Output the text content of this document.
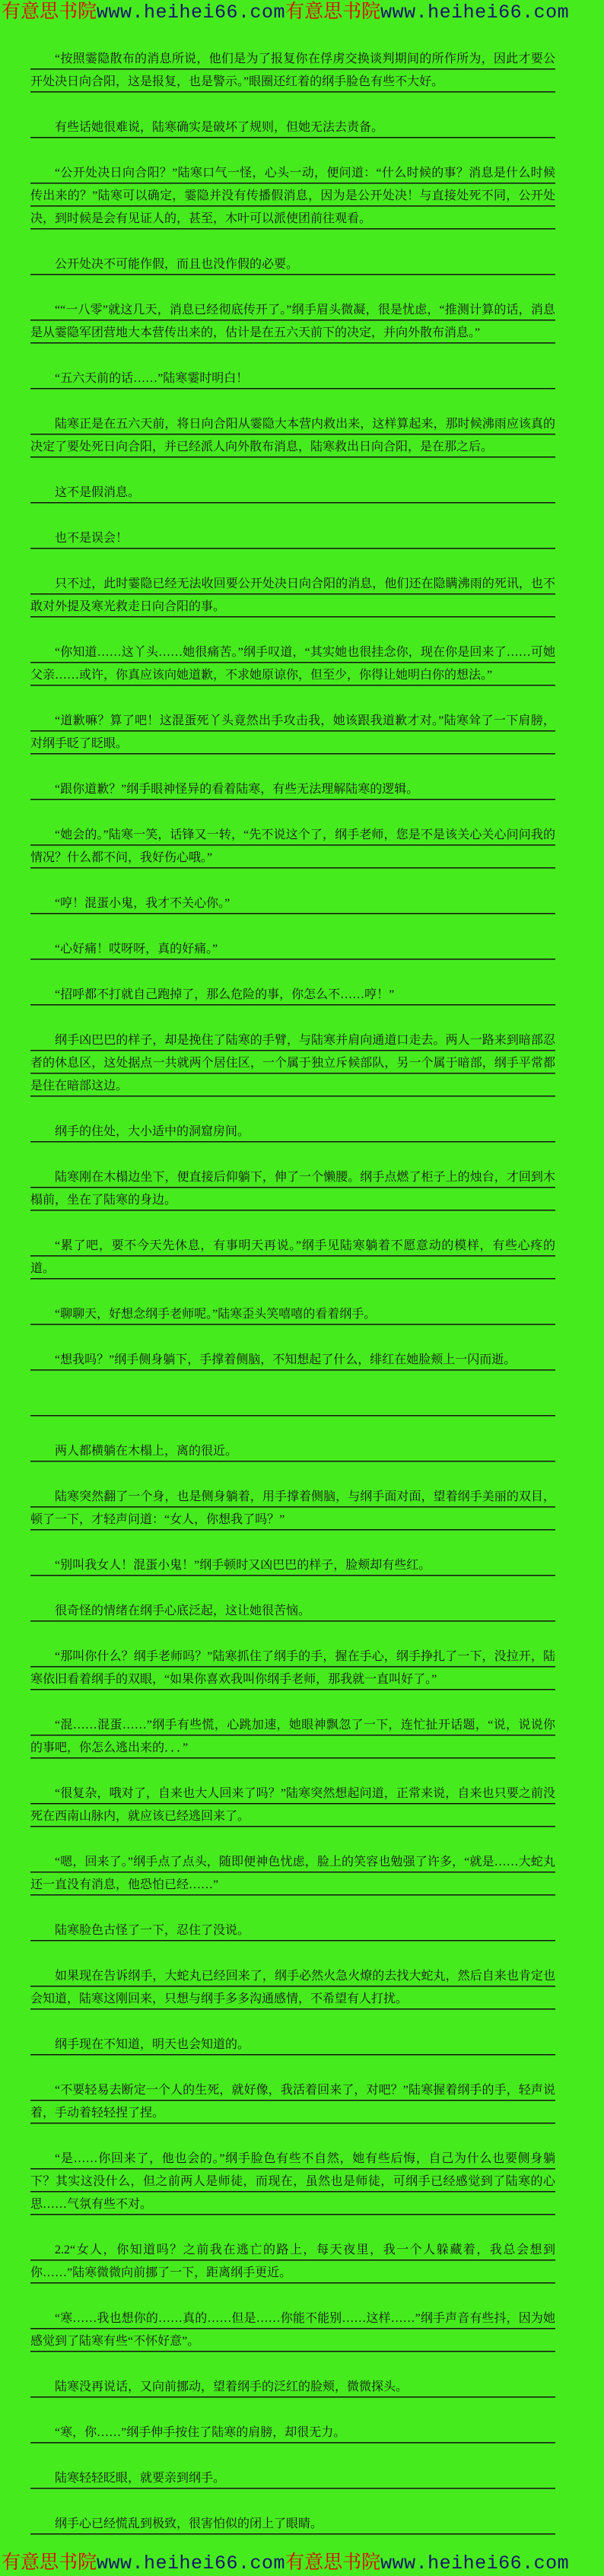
有意思书院www.heihei66.com有意思书院www.heihei66.com

“按照霎隐散布的消息所说，他们是为了报复你在俘虏交换谈判期间的所作所为，因此才要公开处决日向合阳，这是报复，也是警示。”眼圈还红着的纲手脸色有些不大好。

有些话她很难说，陆寒确实是破坏了规则，但她无法去责备。

“公开处决日向合阳？”陆寒口气一怪，心头一动，便问道：“什么时候的事？消息是什么时候传出来的？”陆寒可以确定，霎隐并没有传播假消息，因为是公开处决！与直接处死不同，公开处决，到时候是会有见证人的，甚至，木叶可以派使团前往观看。

公开处决不可能作假，而且也没作假的必要。

““一八零”就这几天，消息已经彻底传开了。”纲手眉头微凝，很是忧虑，“推测计算的话，消息是从霎隐军团营地大本营传出来的，估计是在五六天前下的决定，并向外散布消息。”

“五六天前的话……”陆寒霎时明白！

陆寒正是在五六天前，将日向合阳从霎隐大本营内救出来，这样算起来，那时候沸雨应该真的决定了要处死日向合阳，并已经派人向外散布消息，陆寒救出日向合阳，是在那之后。

这不是假消息。

也不是误会！

只不过，此时霎隐已经无法收回要公开处决日向合阳的消息，他们还在隐瞒沸雨的死讯，也不敢对外提及寒光救走日向合阳的事。

“你知道……这丫头……她很痛苦。”纲手叹道，“其实她也很挂念你，现在你是回来了……可她父亲……或许，你真应该向她道歉，不求她原谅你，但至少，你得让她明白你的想法。”

“道歉嘛？算了吧！这混蛋死丫头竟然出手攻击我，她该跟我道歉才对。”陆寒耸了一下肩膀，对纲手眨了眨眼。

“跟你道歉？”纲手眼神怪异的看着陆寒，有些无法理解陆寒的逻辑。

“她会的。”陆寒一笑，话锋又一转，“先不说这个了，纲手老师，您是不是该关心关心问问我的情况？什么都不问，我好伤心哦。”

“哼！混蛋小鬼，我才不关心你。”

“心好痛！哎呀呀，真的好痛。”

“招呼都不打就自己跑掉了，那么危险的事，你怎么不……哼！”

纲手凶巴巴的样子，却是挽住了陆寒的手臂，与陆寒并肩向通道口走去。两人一路来到暗部忍者的休息区，这处据点一共就两个居住区，一个属于独立斥候部队，另一个属于暗部，纲手平常都是住在暗部这边。

纲手的住处，大小适中的洞窟房间。

陆寒刚在木榻边坐下，便直接后仰躺下，伸了一个懒腰。纲手点燃了柜子上的烛台，才回到木榻前，坐在了陆寒的身边。

“累了吧，要不今天先休息，有事明天再说。”纲手见陆寒躺着不愿意动的模样，有些心疼的道。

“聊聊天，好想念纲手老师呢。”陆寒歪头笑嘻嘻的看着纲手。

“想我吗？”纲手侧身躺下，手撑着侧脑，不知想起了什么，绯红在她脸颊上一闪而逝。

两人都横躺在木榻上，离的很近。

陆寒突然翻了一个身，也是侧身躺着，用手撑着侧脑，与纲手面对面，望着纲手美丽的双目，顿了一下，才轻声问道：“女人，你想我了吗？”

“别叫我女人！混蛋小鬼！”纲手顿时又凶巴巴的样子，脸颊却有些红。

很奇怪的情绪在纲手心底泛起，这让她很苦恼。

“那叫你什么？纲手老师吗？”陆寒抓住了纲手的手，握在手心，纲手挣扎了一下，没拉开，陆寒依旧看着纲手的双眼，“如果你喜欢我叫你纲手老师，那我就一直叫好了。”

“混……混蛋……”纲手有些慌，心跳加速，她眼神飘忽了一下，连忙扯开话题，“说，说说你的事吧，你怎么逃出来的．．．”

“很复杂，哦对了，自来也大人回来了吗？”陆寒突然想起问道，正常来说，自来也只要之前没死在西南山脉内，就应该已经逃回来了。

“嗯，回来了。”纲手点了点头，随即便神色忧虑，脸上的笑容也勉强了许多，“就是……大蛇丸还一直没有消息，他恐怕已经……”

陆寒脸色古怪了一下，忍住了没说。

如果现在告诉纲手，大蛇丸已经回来了，纲手必然火急火燎的去找大蛇丸，然后自来也肯定也会知道，陆寒这刚回来，只想与纲手多多沟通感情，不希望有人打扰。

纲手现在不知道，明天也会知道的。

“不要轻易去断定一个人的生死，就好像，我活着回来了，对吧？”陆寒握着纲手的手，轻声说着，手动着轻轻捏了捏。

“是……你回来了，他也会的。”纲手脸色有些不自然，她有些后悔，自己为什么也要侧身躺下？其实这没什么，但之前两人是师徒，而现在，虽然也是师徒，可纲手已经感觉到了陆寒的心思……气氛有些不对。

2.2“女人，你知道吗？之前我在逃亡的路上，每天夜里，我一个人躲藏着，我总会想到你……”陆寒微微向前挪了一下，距离纲手更近。

“寒……我也想你的……真的……但是……你能不能别……这样……”纲手声音有些抖，因为她感觉到了陆寒有些“不怀好意”。

陆寒没再说话，又向前挪动，望着纲手的泛红的脸颊，微微探头。

“寒，你……”纲手伸手按住了陆寒的肩膀，却很无力。

陆寒轻轻眨眼，就要亲到纲手。

纲手心已经慌乱到极致，很害怕似的闭上了眼睛。

有意思书院www.heihei66.com有意思书院www.heihei66.com
